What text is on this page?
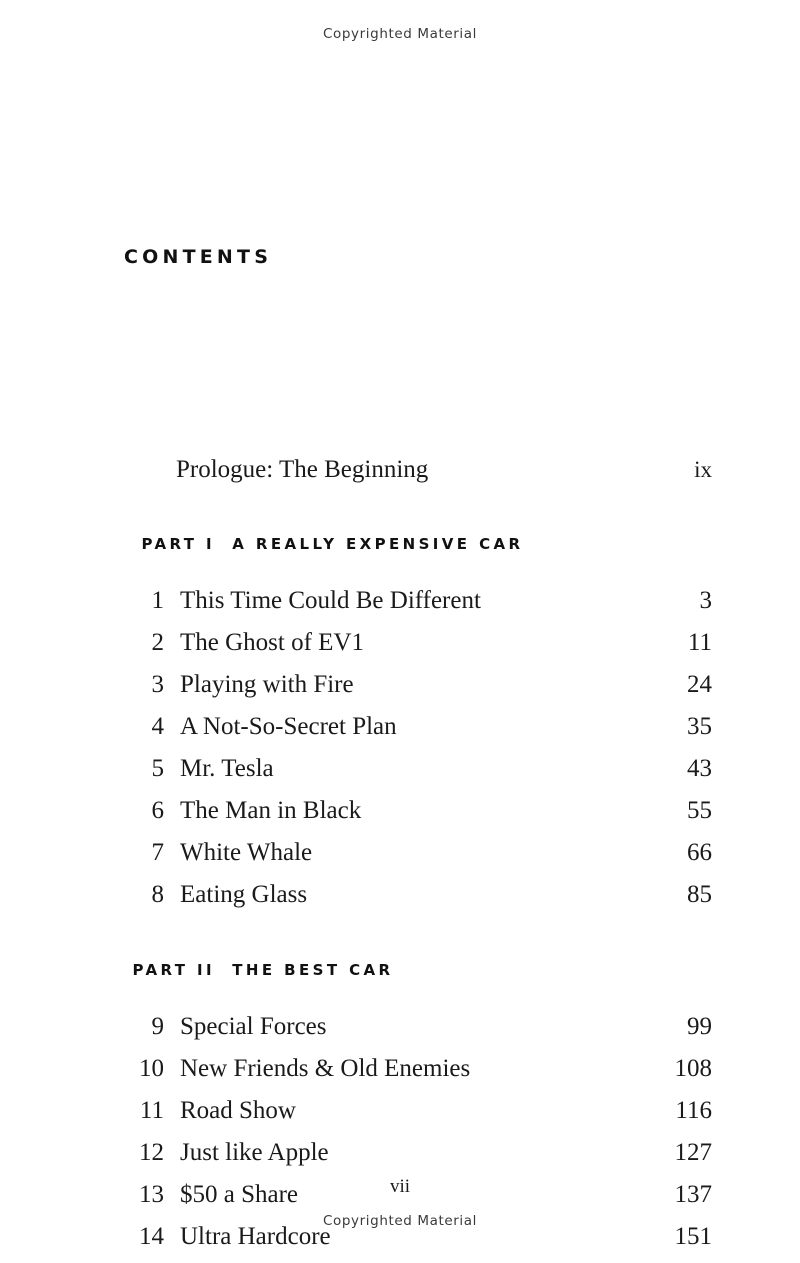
Copyrighted Material
CONTENTS
Prologue: The Beginning	ix

PART I A REALLY EXPENSIVE CAR

1 This Time Could Be Different	3
2 The Ghost of EV1	11
3 Playing with Fire	24
4 A Not-So-Secret Plan	35
5 Mr. Tesla	43
6 The Man in Black	55
7 White Whale	66
8 Eating Glass	85

PART II THE BEST CAR

9 Special Forces	99
10 New Friends & Old Enemies	108
11 Road Show	116
12 Just like Apple	127
13 $50 a Share	137
14 Ultra Hardcore	151
vii
Copyrighted Material
